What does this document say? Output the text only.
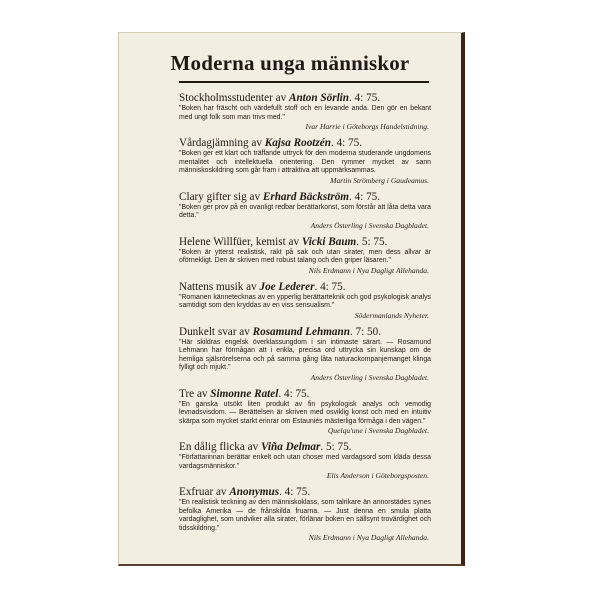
Moderna unga människor
Stockholmsstudenter av Anton Sörlin. 4: 75.
"Boken har fräscht och värdefullt stoff och en levande anda. Den gör en bekant med ungt folk som man trivs med."
Ivar Harrie i Göteborgs Handelstidning.
Vårdagjämning av Kajsa Rootzén. 4: 75.
"Boken ger ett klart och träffande uttryck för den moderna studerande ungdomens mentalitet och intellektuella orientering. Den rymmer mycket av sann människoskildring som går fram i attraktiva att uppmärksammas.
Martin Strömberg i Gaudeamus.
Clary gifter sig av Erhard Bäckström. 4: 75.
"Boken ger prov på en ovanligt redbar berättarkonst, som förstår att låta detta vara detta."
Anders Österling i Svenska Dagbladet.
Helene Willfüer, kemist av Vicki Baum. 5: 75.
"Boken är ytterst realistisk, rakt på sak och utan sirater, men dess allvar är oförnekligt. Den är skriven med robust talang och den griper läsaren."
Nils Erdmann i Nya Dagligt Allehanda.
Nattens musik av Joe Lederer. 4: 75.
"Romanen kännetecknas av en ypperlig berättarteknik och god psykologisk analys samtidigt som den kryddas av en viss sensualism."
Södermanlands Nyheter.
Dunkelt svar av Rosamund Lehmann. 7: 50.
"Här skildras engelsk överklassungdom i sin intimaste särart. — Rosamund Lehmann har förmågan att i enkla, precisa ord uttrycka sin kunskap om de hemliga själsrörelserna och på samma gång låta naturackompanjemanget klinga fylligt och mjukt."
Anders Österling i Svenska Dagbladet.
Tre av Simonne Ratel. 4: 75.
"En ganska utsökt liten produkt av fin psykologisk analys och vemodig levnadsvisdom. — Berättelsen är skriven med osviklig konst och med en intuitiv skärpa som mycket starkt erinrar om Estauniés mästerliga förmåga i den vägen."
Quelqu'une i Svenska Dagbladet.
En dålig flicka av Viña Delmar. 5: 75.
"Författarinnan berättar enkelt och utan choser med vardagsord som kläda dessa vardagsmänniskor."
Elis Anderson i Göteborgsposten.
Exfruar av Anonymus. 4: 75.
"En realistisk teckning av den människoklass, som talrikare än annorstädes synes befolka Amerika — de frånskilda fruarna. — Just denna en smula platta vardaglighet, som undviker alla sirater, förlänar boken en sällsynt trovärdighet och tidsskildring."
Nils Erdmann i Nya Dagligt Allehanda.
